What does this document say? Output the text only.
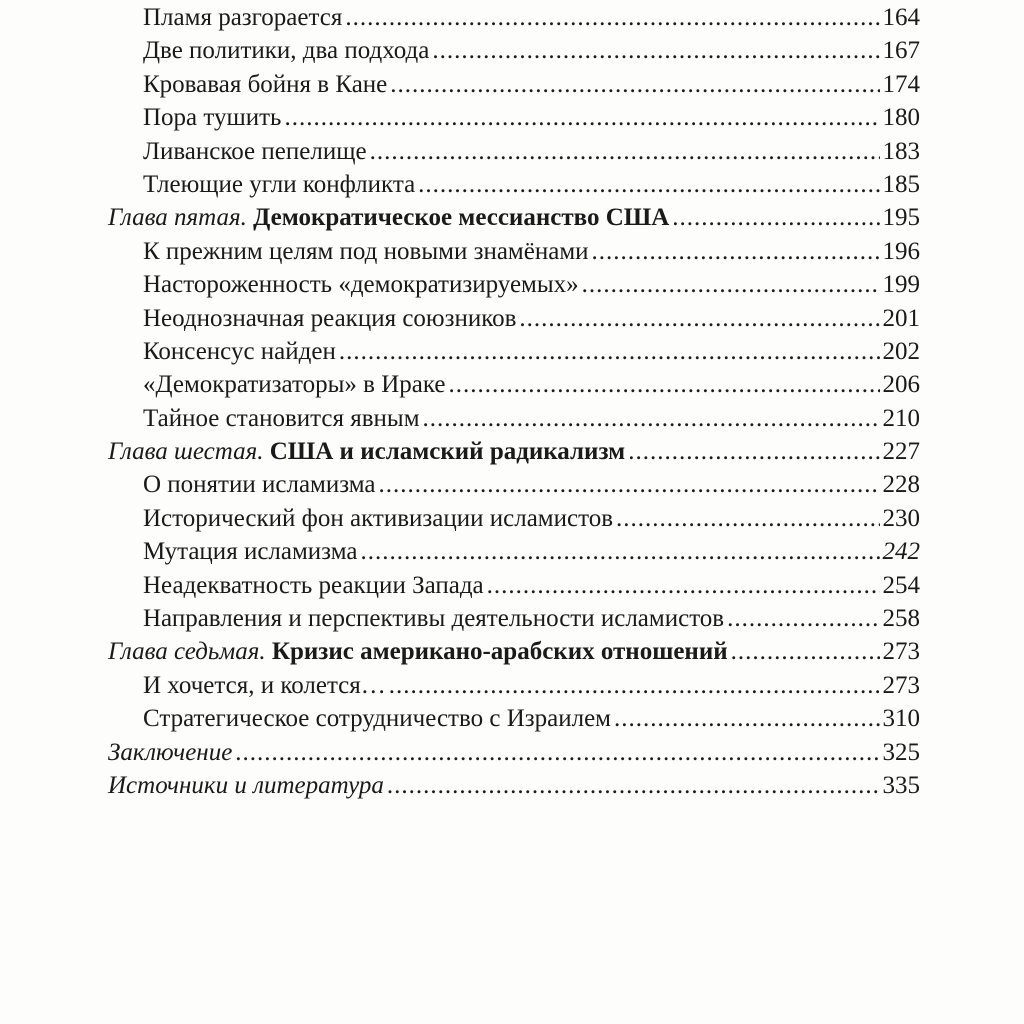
Пламя разгорается .....	164
Две политики, два подхода .....	167
Кровавая бойня в Кане .....	174
Пора тушить .....	180
Ливанское пепелище .....	183
Тлеющие угли конфликта .....	185
Глава пятая. Демократическое мессианство США .....	195
К прежним целям под новыми знамёнами .....	196
Настороженность «демократизируемых» .....	199
Неоднозначная реакция союзников .....	201
Консенсус найден .....	202
«Демократизаторы» в Ираке .....	206
Тайное становится явным .....	210
Глава шестая. США и исламский радикализм .....	227
О понятии исламизма .....	228
Исторический фон активизации исламистов .....	230
Мутация исламизма .....	242
Неадекватность реакции Запада .....	254
Направления и перспективы деятельности исламистов .....	258
Глава седьмая. Кризис американо-арабских отношений .....	273
И хочется, и колется… .....	273
Стратегическое сотрудничество с Израилем .....	310
Заключение .....	325
Источники и литература .....	335
